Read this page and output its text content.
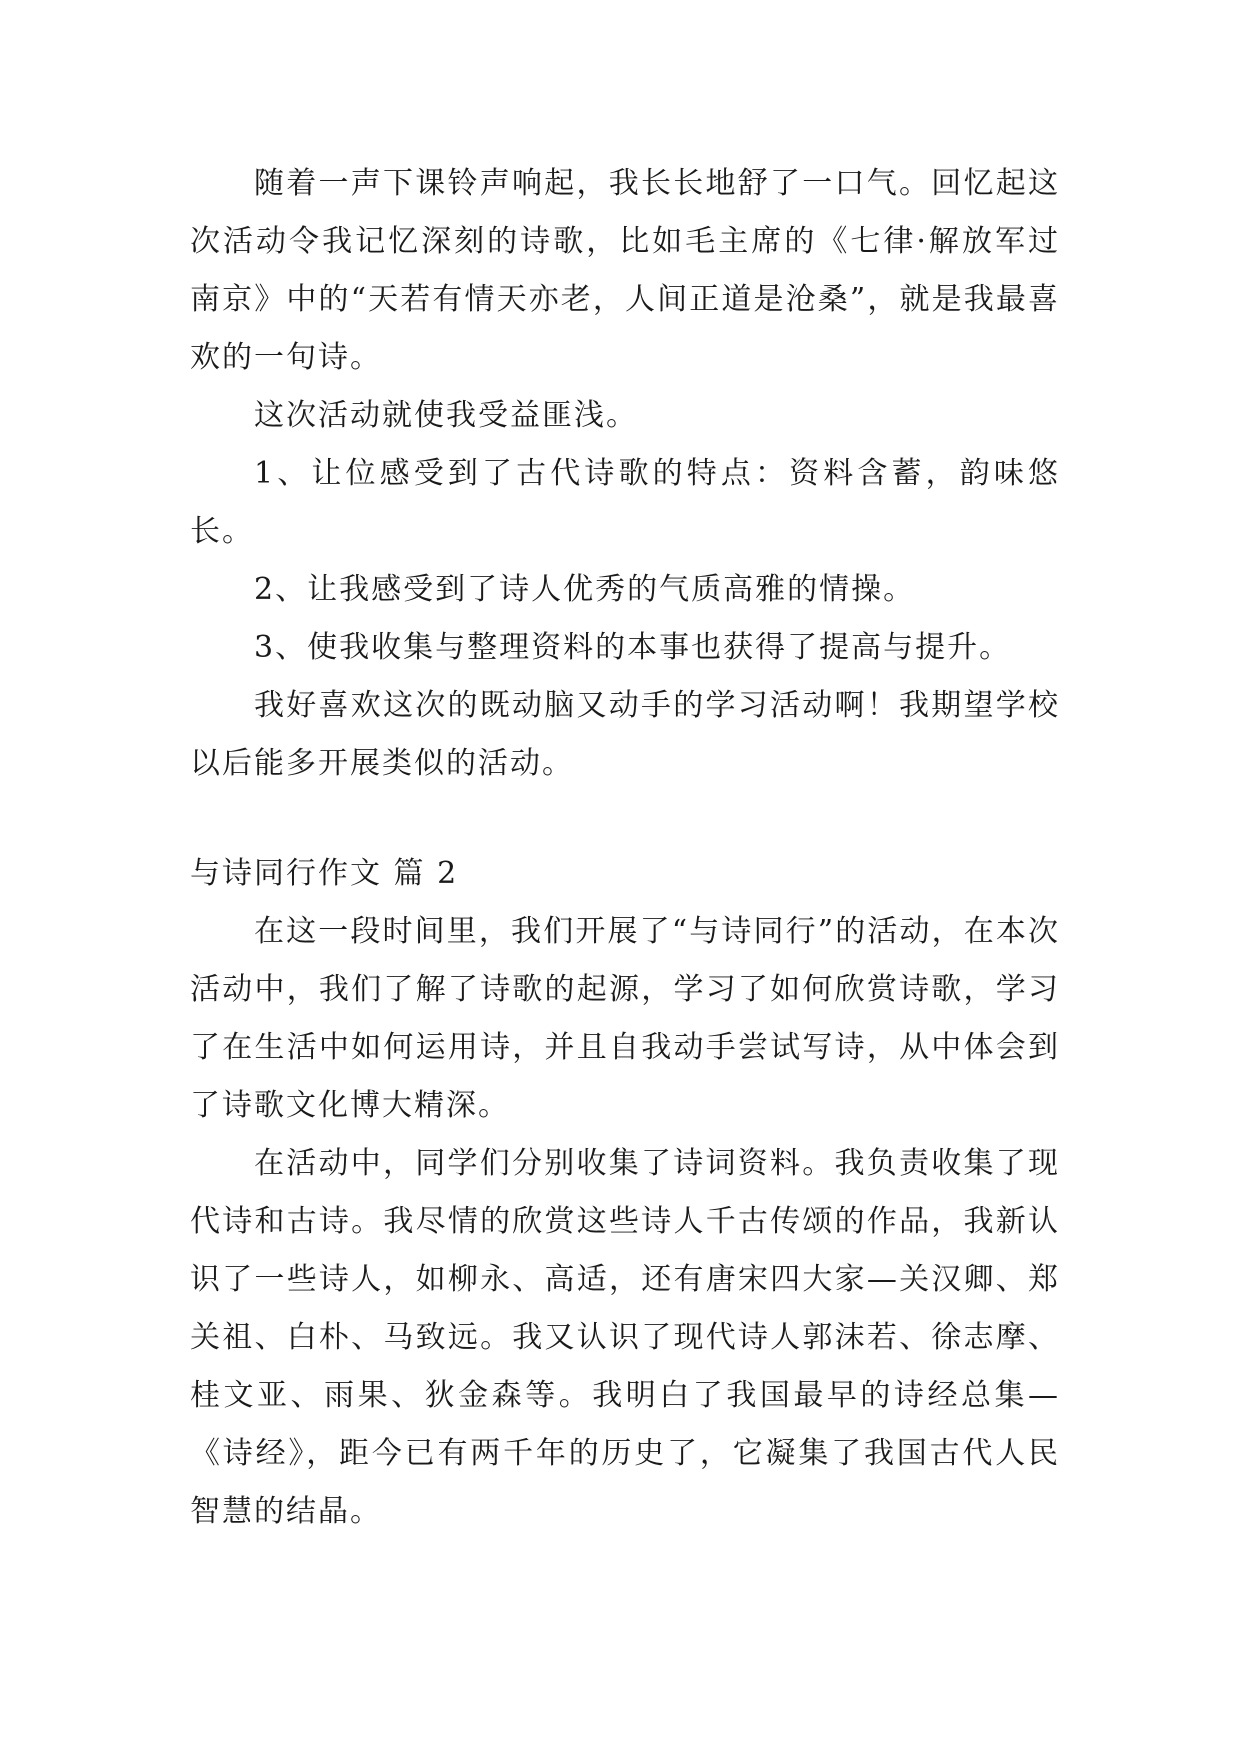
随着一声下课铃声响起，我长长地舒了一口气。回忆起这次活动令我记忆深刻的诗歌，比如毛主席的《七律·解放军过南京》中的“天若有情天亦老，人间正道是沧桑”，就是我最喜欢的一句诗。

这次活动就使我受益匪浅。

1、让位感受到了古代诗歌的特点：资料含蓄，韵味悠长。

2、让我感受到了诗人优秀的气质高雅的情操。

3、使我收集与整理资料的本事也获得了提高与提升。

我好喜欢这次的既动脑又动手的学习活动啊！我期望学校以后能多开展类似的活动。

与诗同行作文 篇 2

在这一段时间里，我们开展了“与诗同行”的活动，在本次活动中，我们了解了诗歌的起源，学习了如何欣赏诗歌，学习了在生活中如何运用诗，并且自我动手尝试写诗，从中体会到了诗歌文化博大精深。

在活动中，同学们分别收集了诗词资料。我负责收集了现代诗和古诗。我尽情的欣赏这些诗人千古传颂的作品，我新认识了一些诗人，如柳永、高适，还有唐宋四大家—关汉卿、郑关祖、白朴、马致远。我又认识了现代诗人郭沫若、徐志摩、桂文亚、雨果、狄金森等。我明白了我国最早的诗经总集—《诗经》，距今已有两千年的历史了，它凝集了我国古代人民智慧的结晶。
